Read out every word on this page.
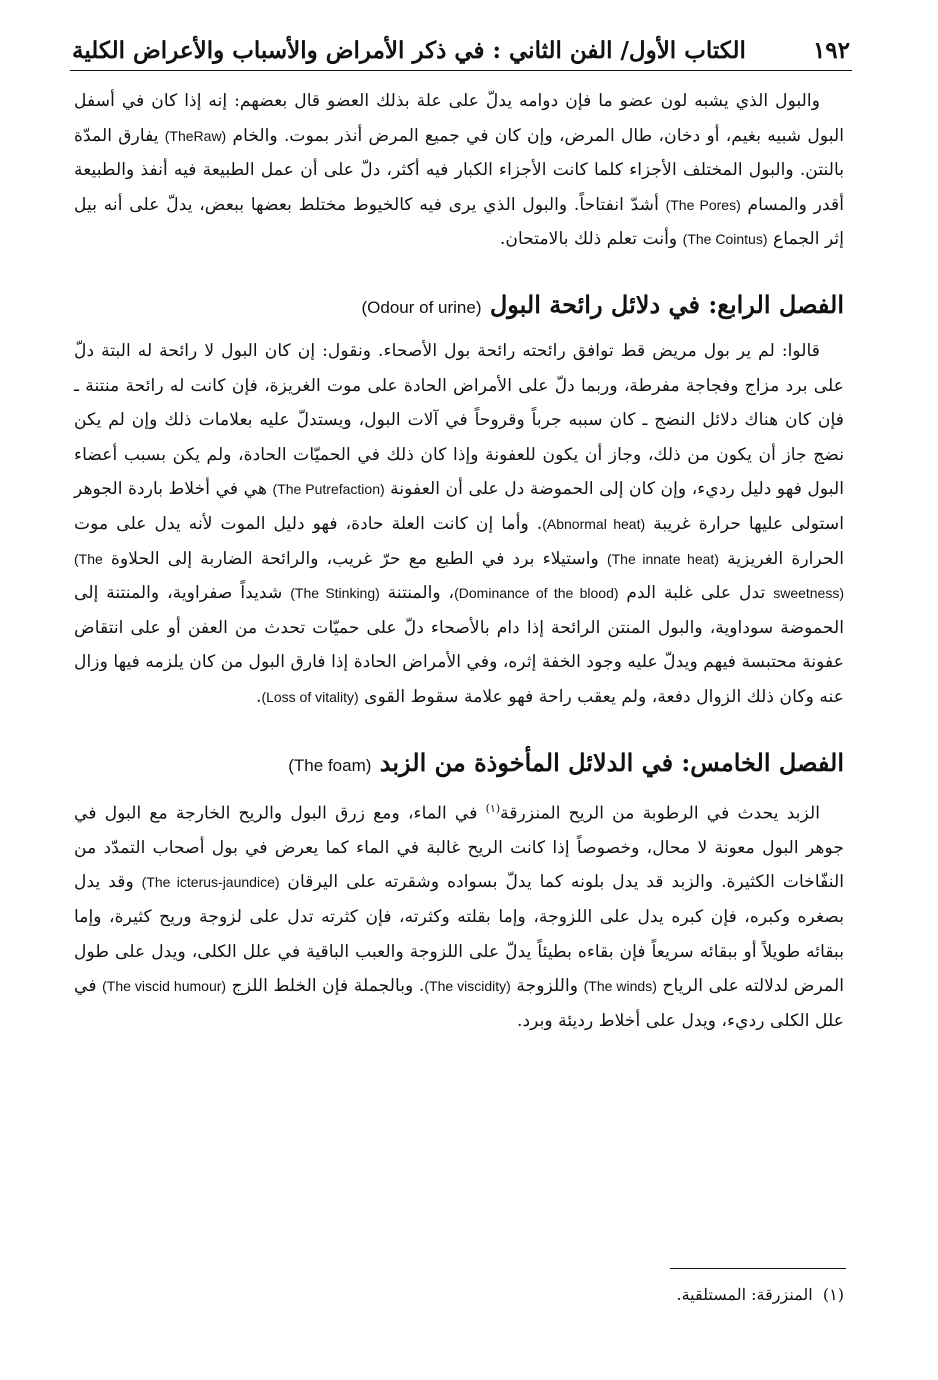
١٩٢
الكتاب الأول/ الفن الثاني : في ذكر الأمراض والأسباب والأعراض الكلية

والبول الذي يشبه لون عضو ما فإن دوامه يدلّ على علة بذلك العضو قال بعضهم: إنه إذا كان في أسفل البول شبيه بغيم، أو دخان، طال المرض، وإن كان في جميع المرض أنذر بموت. والخام (TheRaw) يفارق المدّة بالنتن. والبول المختلف الأجزاء كلما كانت الأجزاء الكبار فيه أكثر، دلّ على أن عمل الطبيعة فيه أنفذ والطبيعة أقدر والمسام (The Pores) أشدّ انفتاحاً. والبول الذي يرى فيه كالخيوط مختلط بعضها ببعض، يدلّ على أنه بيل إثر الجماع (The Cointus) وأنت تعلم ذلك بالامتحان.

الفصل الرابع: في دلائل رائحة البول (Odour of urine)

قالوا: لم ير بول مريض قط توافق رائحته رائحة بول الأصحاء. ونقول: إن كان البول لا رائحة له البتة دلّ على برد مزاج وفجاجة مفرطة، وربما دلّ على الأمراض الحادة على موت الغريزة، فإن كانت له رائحة منتنة ـ فإن كان هناك دلائل النضج ـ كان سببه جرباً وقروحاً في آلات البول، ويستدلّ عليه بعلامات ذلك وإن لم يكن نضج جاز أن يكون من ذلك، وجاز أن يكون للعفونة وإذا كان ذلك في الحميّات الحادة، ولم يكن بسبب أعضاء البول فهو دليل رديء، وإن كان إلى الحموضة دل على أن العفونة (The Putrefaction) هي في أخلاط باردة الجوهر استولى عليها حرارة غريبة (Abnormal heat). وأما إن كانت العلة حادة، فهو دليل الموت لأنه يدل على موت الحرارة الغريزية (The innate heat) واستيلاء برد في الطبع مع حرّ غريب، والرائحة الضاربة إلى الحلاوة (The sweetness) تدل على غلبة الدم (Dominance of the blood)، والمنتنة (The Stinking) شديداً صفراوية، والمنتنة إلى الحموضة سوداوية، والبول المنتن الرائحة إذا دام بالأصحاء دلّ على حميّات تحدث من العفن أو على انتقاض عفونة محتبسة فيهم ويدلّ عليه وجود الخفة إثره، وفي الأمراض الحادة إذا فارق البول من كان يلزمه فيها وزال عنه وكان ذلك الزوال دفعة، ولم يعقب راحة فهو علامة سقوط القوى (Loss of vitality).

الفصل الخامس: في الدلائل المأخوذة من الزبد (The foam)

الزبد يحدث في الرطوبة من الريح المنزرقة$^{(١)}$ في الماء، ومع زرق البول والريح الخارجة مع البول في جوهر البول معونة لا محال، وخصوصاً إذا كانت الريح غالبة في الماء كما يعرض في بول أصحاب التمدّد من النفّاخات الكثيرة. والزبد قد يدل بلونه كما يدلّ بسواده وشقرته على اليرقان (The icterus-jaundice) وقد يدل بصغره وكبره، فإن كبره يدل على اللزوجة، وإما بقلته وكثرته، فإن كثرته تدل على لزوجة وريح كثيرة، وإما ببقائه طويلاً أو ببقائه سريعاً فإن بقاءه بطيئاً يدلّ على اللزوجة والعبب الباقية في علل الكلى، ويدل على طول المرض لدلالته على الرياح (The winds) واللزوجة (The viscidity). وبالجملة فإن الخلط اللزج (The viscid humour) في علل الكلى رديء، ويدل على أخلاط رديئة وبرد.

(١)  المنزرقة: المستلقية.
